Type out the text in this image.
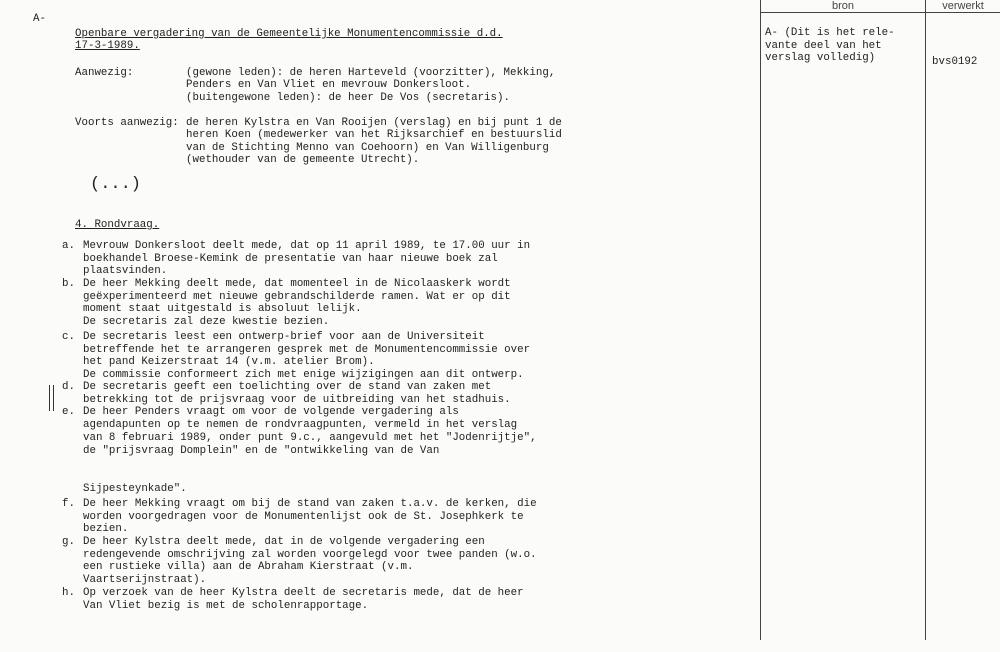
A-
Openbare vergadering van de Gemeentelijke Monumentencommissie d.d.
17-3-1989.
Aanwezig:	(gewone leden): de heren Harteveld (voorzitter), Mekking,
Penders en Van Vliet en mevrouw Donkersloot.
(buitengewone leden): de heer De Vos (secretaris).
Voorts aanwezig: de heren Kylstra en Van Rooijen (verslag) en bij punt 1 de
heren Koen (medewerker van het Rijksarchief en bestuurslid
van de Stichting Menno van Coehoorn) en Van Willigenburg
(wethouder van de gemeente Utrecht).
(...)
4. Rondvraag.
a. Mevrouw Donkersloot deelt mede, dat op 11 april 1989, te 17.00 uur in
boekhandel Broese-Kemink de presentatie van haar nieuwe boek zal
plaatsvinden.
b. De heer Mekking deelt mede, dat momenteel in de Nicolaaskerk wordt
geëxperimenteerd met nieuwe gebrandschilderde ramen. Wat er op dit
moment staat uitgestald is absoluut lelijk.
De secretaris zal deze kwestie bezien.
c. De secretaris leest een ontwerp-brief voor aan de Universiteit
betreffende het te arrangeren gesprek met de Monumentencommissie over
het pand Keizerstraat 14 (v.m. atelier Brom).
De commissie conformeert zich met enige wijzigingen aan dit ontwerp.
d. De secretaris geeft een toelichting over de stand van zaken met
betrekking tot de prijsvraag voor de uitbreiding van het stadhuis.
e. De heer Penders vraagt om voor de volgende vergadering als
agendapunten op te nemen de rondvraagpunten, vermeld in het verslag
van 8 februari 1989, onder punt 9.c., aangevuld met het "Jodenrijtje",
de "prijsvraag Domplein" en de "ontwikkeling van de Van

Sijpesteynkade".
f. De heer Mekking vraagt om bij de stand van zaken t.a.v. de kerken, die
worden voorgedragen voor de Monumentenlijst ook de St. Josephkerk te
bezien.
g. De heer Kylstra deelt mede, dat in de volgende vergadering een
redengevende omschrijving zal worden voorgelegd voor twee panden (w.o.
een rustieke villa) aan de Abraham Kierstraat (v.m.
Vaartserijnstraat).
h. Op verzoek van de heer Kylstra deelt de secretaris mede, dat de heer
Van Vliet bezig is met de scholenrapportage.
bron	verwerkt
A- (Dit is het rele-
vante deel van het
verslag volledig)	bvs0192
